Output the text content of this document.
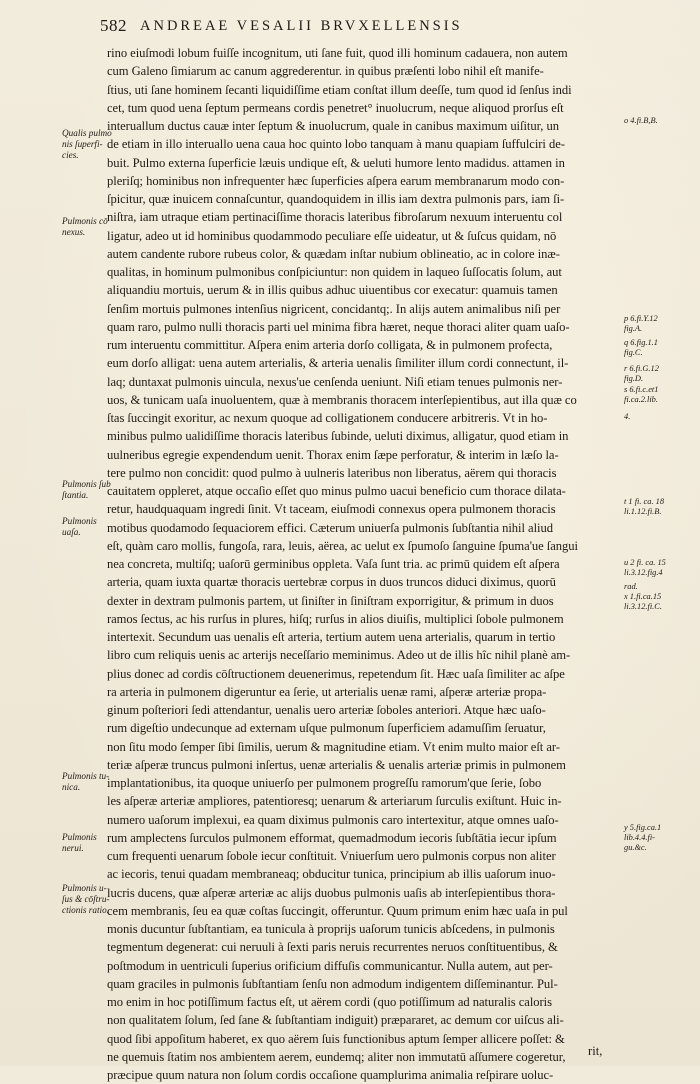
582 ANDREAE VESALII BRVXELLENSIS
rino eiuſmodi lobum fuiſſe incognitum, uti ſane fuit, quod illi hominum cadauera, non autem
cum Galeno ſimiarum ac canum aggrederentur. in quibus præſenti lobo nihil eſt manife-
ſtius, uti ſane hominem ſecanti liquidiſſime etiam conſtat illum deeſſe, tum quod id ſenſus indi
cet, tum quod uena ſeptum permeans cordis penetret° inuolucrum, neque aliquod prorſus eſt
interuallum ductus cauæ inter ſeptum & inuolucrum, quale in canibus maximum uiſitur, un
de etiam in illo interuallo uena caua hoc quinto lobo tanquam à manu quapiam ſuffulciri de-
buit. Pulmo externa ſuperficie læuis undique eſt, & ueluti humore lento madidus. attamen in
pleriſq; hominibus non infrequenter hæc ſuperficies aſpera earum membranarum modo con-
ſpicitur, quæ inuicem connaſcuntur, quandoquidem in illis iam dextra pulmonis pars, iam ſi-
niſtra, iam utraque etiam pertinaciſſime thoracis lateribus fibroſarum nexuum interuentu col
ligatur, adeo ut id hominibus quodammodo peculiare eſſe uideatur, ut & ſuſcus quidam, nō
autem candente rubore rubeus color, & quædam inſtar nubium oblineatio, ac in colore inæ-
qualitas, in hominum pulmonibus conſpiciuntur: non quidem in laqueo ſuſſocatis ſolum, aut
aliquandiu mortuis, uerum & in illis quibus adhuc uiuentibus cor execatur: quamuis tamen
ſenſim mortuis pulmones intenſius nigricent, concidantq;. In alijs autem animalibus niſi per
quam raro, pulmo nulli thoracis parti uel minima fibra hæret, neque thoraci aliter quam uaſo-
rum interuentu committitur. Aſpera enim arteria dorſo colligata, & in pulmonem profecta,
eum dorſo alligat: uena autem arterialis, & arteria uenalis ſimiliter illum cordi connectunt, il-
laq; duntaxat pulmonis uincula, nexus'ue cenſenda ueniunt. Niſi etiam tenues pulmonis ner-
uos, & tunicam uaſa inuoluentem, quæ à membranis thoracem interſepientibus, aut illa quæ co
ſtas ſuccingit exoritur, ac nexum quoque ad colligationem conducere arbitreris. Vt in ho-
minibus pulmo ualidiſſime thoracis lateribus ſubinde, ueluti diximus, alligatur, quod etiam in
uulneribus egregie expendendum uenit. Thorax enim ſæpe perforatur, & interim in læſo la-
tere pulmo non concidit: quod pulmo à uulneris lateribus non liberatus, aërem qui thoracis
cauitatem oppleret, atque occaſio eſſet quo minus pulmo uacui beneficio cum thorace dilata-
retur, haudquaquam ingredi ſinit. Vt taceam, eiuſmodi connexus opera pulmonem thoracis
motibus quodamodo ſequaciorem effici. Cæterum uniuerſa pulmonis ſubſtantia nihil aliud
eſt, quàm caro mollis, fungoſa, rara, leuis, aërea, ac uelut ex ſpumoſo ſanguine ſpuma'ue ſangui
nea concreta, multiſq; uaſorū germinibus oppleta. Vaſa ſunt tria. ac primū quidem eſt aſpera
arteria, quam iuxta quartæ thoracis uertebræ corpus in duos truncos diduci diximus, quorū
dexter in dextram pulmonis partem, ut ſiniſter in ſiniſtram exporrigitur, & primum in duos
ramos ſectus, ac his rurſus in plures, hiſq; rurſus in alios diuiſis, multiplici ſobole pulmonem
intertexit. Secundum uas uenalis eſt arteria, tertium autem uena arterialis, quarum in tertio
libro cum reliquis uenis ac arterijs neceſſario meminimus. Adeo ut de illis hîc nihil planè am-
plius donec ad cordis cōſtructionem deuenerimus, repetendum ſit. Hæc uaſa ſimiliter ac aſpe
ra arteria in pulmonem digeruntur ea ſerie, ut arterialis uenæ rami, aſperæ arteriæ propa-
ginum poſteriori ſedi attendantur, uenalis uero arteriæ ſoboles anteriori. Atque hæc uaſo-
rum digeſtio undecunque ad externam uſque pulmonum ſuperficiem adamuſſim ſeruatur,
non ſitu modo ſemper ſibi ſimilis, uerum & magnitudine etiam. Vt enim multo maior eſt ar-
teriæ aſperæ truncus pulmoni inſertus, uenæ arterialis & uenalis arteriæ primis in pulmonem
implantationibus, ita quoque uniuerſo per pulmonem progreſſu ramorum'que ſerie, ſobo
les aſperæ arteriæ ampliores, patentioresq; uenarum & arteriarum ſurculis exiſtunt. Huic in-
numero uaſorum implexui, ea quam diximus pulmonis caro intertexitur, atque omnes uaſo-
rum amplectens ſurculos pulmonem efformat, quemadmodum iecoris ſubſtātia iecur ipſum
cum frequenti uenarum ſobole iecur conſtituit. Vniuerſum uero pulmonis corpus non aliter
ac iecoris, tenui quadam membraneaq; obducitur tunica, principium ab illis uaſorum inuo-
lucris ducens, quæ aſperæ arteriæ ac alijs duobus pulmonis uaſis ab interſepientibus thora-
cem membranis, ſeu ea quæ coſtas ſuccingit, offeruntur. Quum primum enim hæc uaſa in pul
monis ducuntur ſubſtantiam, ea tunicula à proprijs uaſorum tunicis abſcedens, in pulmonis
tegmentum degenerat: cui neruuli à ſexti paris neruis recurrentes neruos conſtituentibus, &
poſtmodum in uentriculi ſuperius orificium diffuſis communicantur. Nulla autem, aut per-
quam graciles in pulmonis ſubſtantiam ſenſu non admodum indigentem diſſeminantur. Pul-
mo enim in hoc potiſſimum factus eſt, ut aërem cordi (quo potiſſimum ad naturalis caloris
non qualitatem ſolum, ſed ſane & ſubſtantiam indiguit) præpararet, ac demum cor uiſcus ali-
quod ſibi appoſitum haberet, ex quo aërem ſuis functionibus aptum ſemper allicere poſſet: &
ne quemuis ſtatim nos ambientem aerem, eundemq; aliter non immutatū aſſumere cogeretur,
præcipue quum natura non ſolum cordis occaſione quamplurima animalia reſpirare uoluc-
Qualis pulmo
nis ſuperfi-
cies.
Pulmonis cō
nexus.
Pulmonis ſub
ſtantia.
Pulmonis
uaſa.
Pulmonis tu-
nica.
Pulmonis
nerui.
Pulmonis u-
ſus & cōſtru-
ctionis ratio.
o 4.fi.B,B.
p 6.fi.Y.12
fig.A.
q 6.fig.1.1
fig.C.
r 6.fi.G.12
fig.D.
s 6.fi.c.et1
fi.ca.2.lib.
4.
t 1 fi. ca. 18
li.1.12.fi.B.
u 2 fi. ca. 15
li.3.12.fig.4
rad.
x 1.fi.ca.15
li.3.12.fi.C.
y 5.fig.ca.1
lib.4.4.fi-
gu.&c.
rit,
